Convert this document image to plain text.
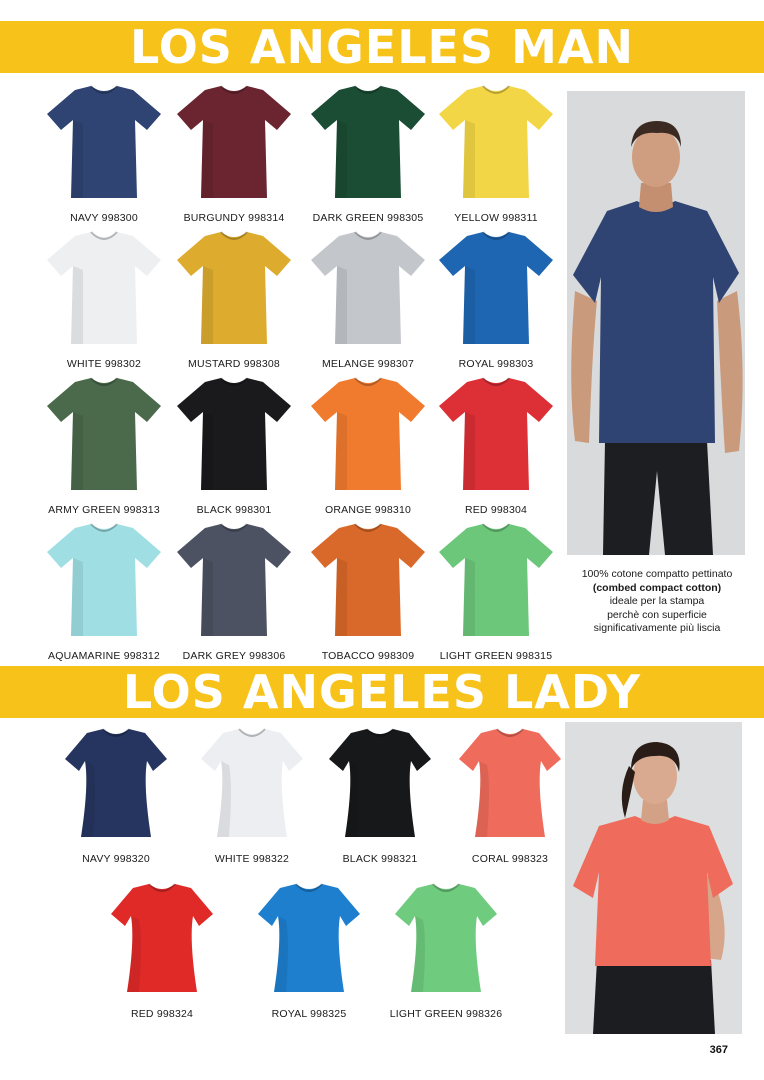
LOS ANGELES MAN
NAVY 998300	BURGUNDY 998314	DARK GREEN 998305	YELLOW 998311
WHITE 998302	MUSTARD 998308	MELANGE 998307	ROYAL 998303
ARMY GREEN 998313	BLACK 998301	ORANGE 998310	RED 998304
AQUAMARINE 998312	DARK GREY 998306	TOBACCO 998309	LIGHT GREEN 998315
100% cotone compatto pettinato
(combed compact cotton)
ideale per la stampa
perchè con superficie
significativamente più liscia
LOS ANGELES LADY
NAVY 998320	WHITE 998322	BLACK 998321	CORAL 998323
RED 998324	ROYAL 998325	LIGHT GREEN 998326
367
